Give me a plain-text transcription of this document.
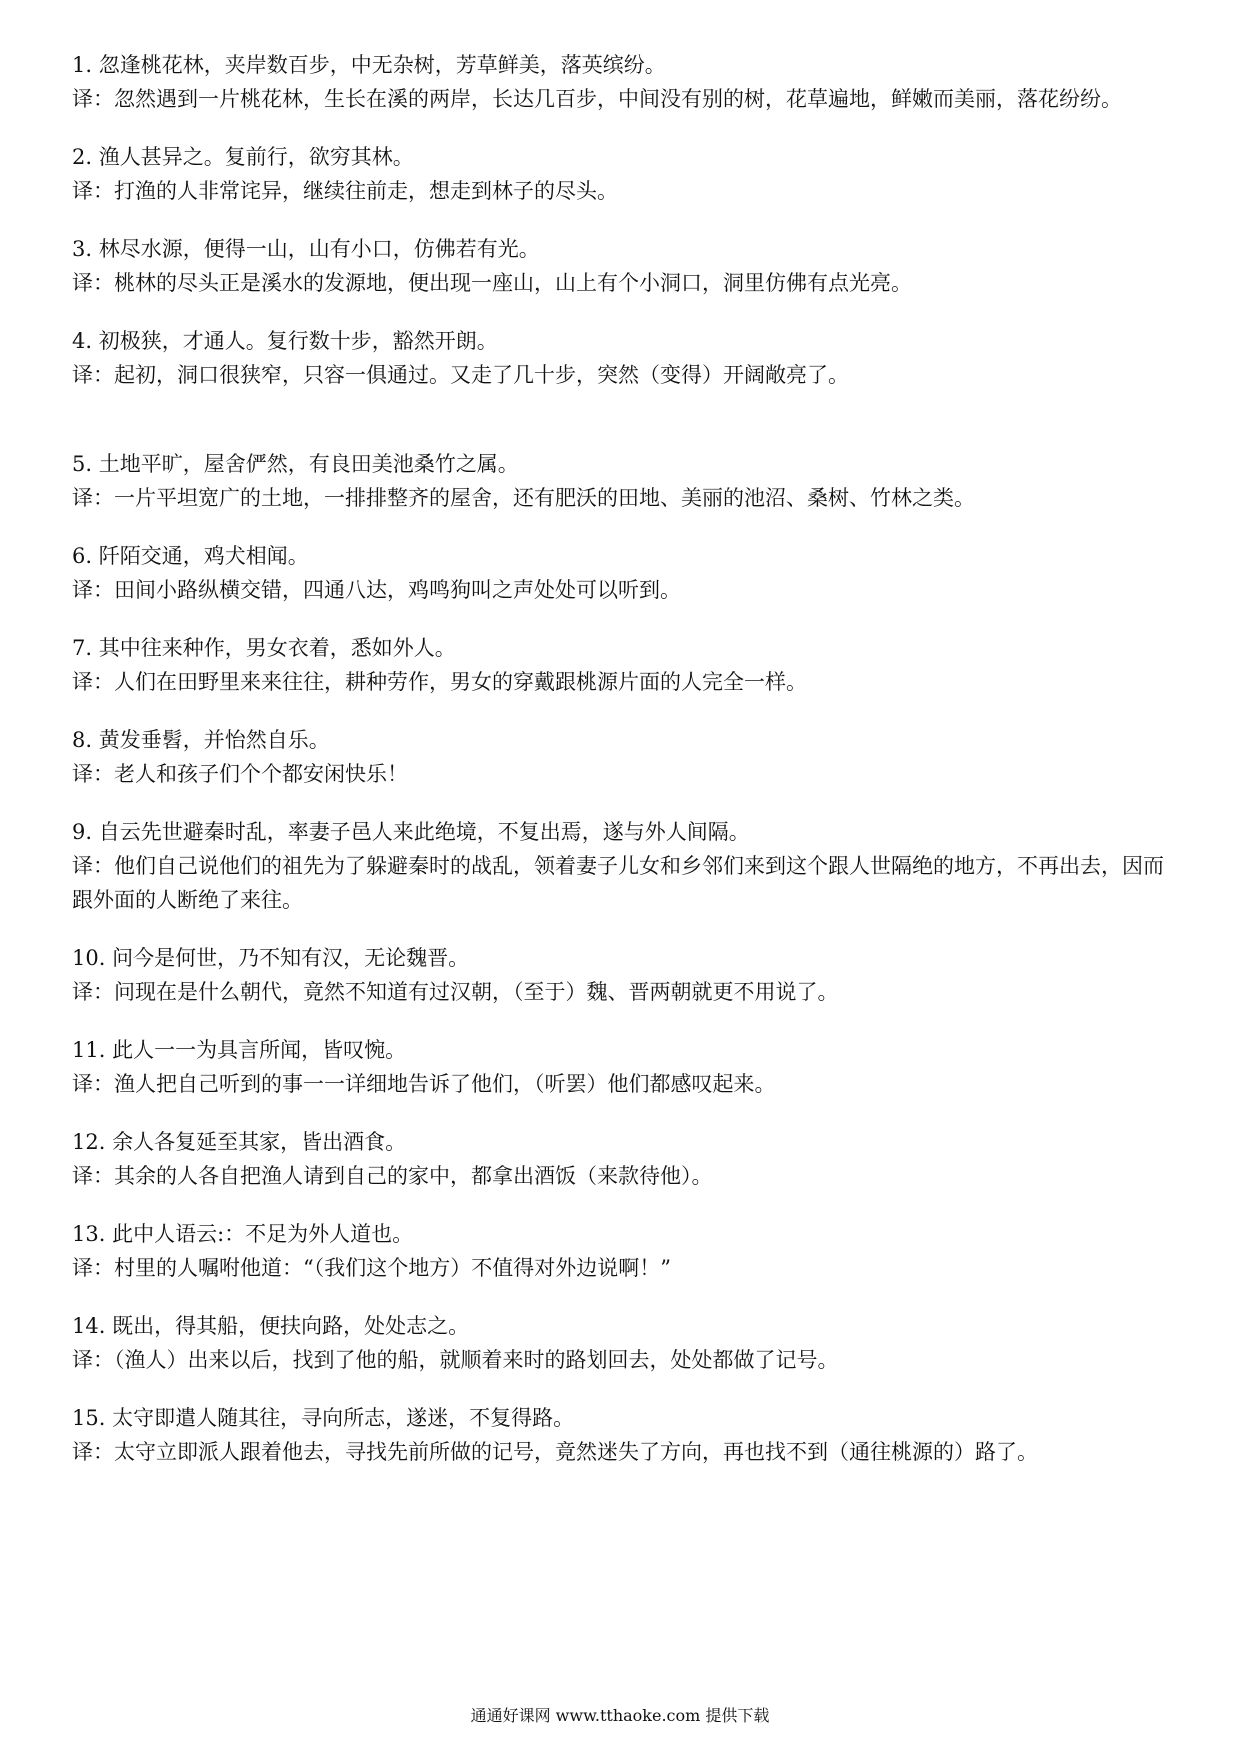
1. 忽逢桃花林，夹岸数百步，中无杂树，芳草鲜美，落英缤纷。

译：忽然遇到一片桃花林，生长在溪的两岸，长达几百步，中间没有别的树，花草遍地，鲜嫩而美丽，落花纷纷。

2. 渔人甚异之。复前行，欲穷其林。

译：打渔的人非常诧异，继续往前走，想走到林子的尽头。

3. 林尽水源，便得一山，山有小口，仿佛若有光。

译：桃林的尽头正是溪水的发源地，便出现一座山，山上有个小洞口，洞里仿佛有点光亮。

4. 初极狭，才通人。复行数十步，豁然开朗。

译：起初，洞口很狭窄，只容一俱通过。又走了几十步，突然（变得）开阔敞亮了。

5. 土地平旷，屋舍俨然，有良田美池桑竹之属。

译：一片平坦宽广的土地，一排排整齐的屋舍，还有肥沃的田地、美丽的池沼、桑树、竹林之类。

6. 阡陌交通，鸡犬相闻。

译：田间小路纵横交错，四通八达，鸡鸣狗叫之声处处可以听到。

7. 其中往来种作，男女衣着，悉如外人。

译：人们在田野里来来往往，耕种劳作，男女的穿戴跟桃源片面的人完全一样。

8. 黄发垂髫，并怡然自乐。

译：老人和孩子们个个都安闲快乐！

9. 自云先世避秦时乱，率妻子邑人来此绝境，不复出焉，遂与外人间隔。

译：他们自己说他们的祖先为了躲避秦时的战乱，领着妻子儿女和乡邻们来到这个跟人世隔绝的地方，不再出去，因而跟外面的人断绝了来往。

10. 问今是何世，乃不知有汉，无论魏晋。

译：问现在是什么朝代，竟然不知道有过汉朝，（至于）魏、晋两朝就更不用说了。

11. 此人一一为具言所闻，皆叹惋。

译：渔人把自己听到的事一一详细地告诉了他们，（听罢）他们都感叹起来。

12. 余人各复延至其家，皆出酒食。

译：其余的人各自把渔人请到自己的家中，都拿出酒饭（来款待他）。

13. 此中人语云:：不足为外人道也。

译：村里的人嘱咐他道：“（我们这个地方）不值得对外边说啊！”

14. 既出，得其船，便扶向路，处处志之。

译：（渔人）出来以后，找到了他的船，就顺着来时的路划回去，处处都做了记号。

15. 太守即遣人随其往，寻向所志，遂迷，不复得路。

译：太守立即派人跟着他去，寻找先前所做的记号，竟然迷失了方向，再也找不到（通往桃源的）路了。

通通好课网 www.tthaoke.com 提供下载
